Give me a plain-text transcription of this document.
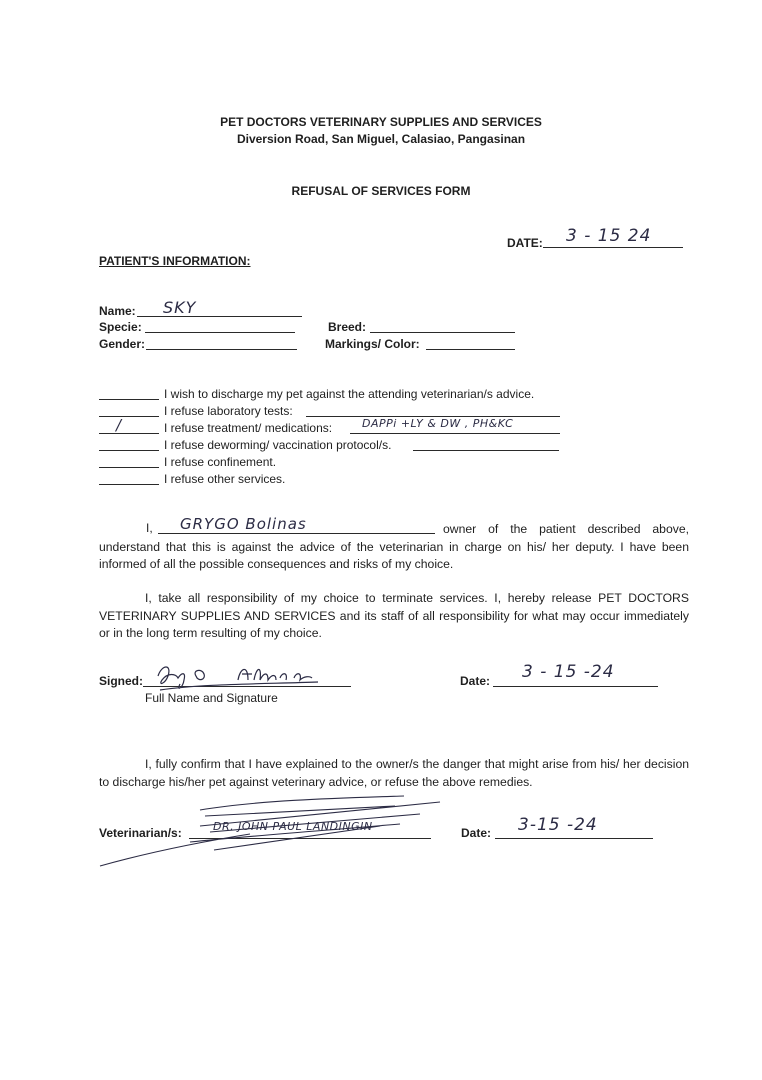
PET DOCTORS VETERINARY SUPPLIES AND SERVICES
Diversion Road, San Miguel, Calasiao, Pangasinan
REFUSAL OF SERVICES FORM
DATE: 3 - 15 24
PATIENT'S INFORMATION:
Name: SKY
Specie:	Breed:
Gender:	Markings/ Color:
I wish to discharge my pet against the attending veterinarian/s advice.
I refuse laboratory tests:
/	I refuse treatment/ medications:	DAPPi +LY & DW , PH&KC
I refuse deworming/ vaccination protocol/s.
I refuse confinement.
I refuse other services.
I, GRYGO Bolinas	owner of the patient described above, understand that this is against the advice of the veterinarian in charge on his/ her deputy. I have been informed of all the possible consequences and risks of my choice.
I, take all responsibility of my choice to terminate services. I, hereby release PET DOCTORS VETERINARY SUPPLIES AND SERVICES and its staff of all responsibility for what may occur immediately or in the long term resulting of my choice.
Signed:
Full Name and Signature
Date: 3 - 15 -24
I, fully confirm that I have explained to the owner/s the danger that might arise from his/ her decision to discharge his/her pet against veterinary advice, or refuse the above remedies.
Veterinarian/s:	DR. JOHN PAUL LANDINGIN	Date: 3-15 -24
